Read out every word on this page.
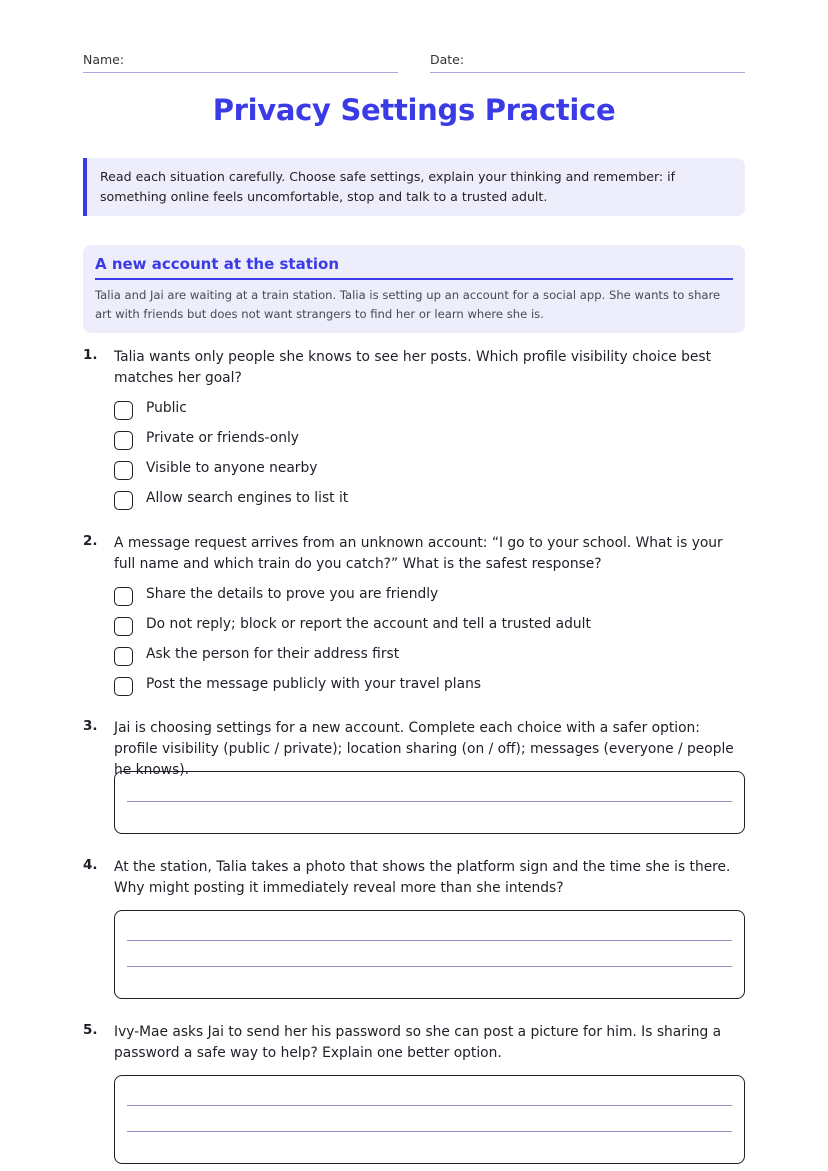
Name:	Date:
Privacy Settings Practice
Read each situation carefully. Choose safe settings, explain your thinking and remember: if something online feels uncomfortable, stop and talk to a trusted adult.
A new account at the station
Talia and Jai are waiting at a train station. Talia is setting up an account for a social app. She wants to share art with friends but does not want strangers to find her or learn where she is.
1. Talia wants only people she knows to see her posts. Which profile visibility choice best matches her goal?
Public
Private or friends-only
Visible to anyone nearby
Allow search engines to list it
2. A message request arrives from an unknown account: “I go to your school. What is your full name and which train do you catch?” What is the safest response?
Share the details to prove you are friendly
Do not reply; block or report the account and tell a trusted adult
Ask the person for their address first
Post the message publicly with your travel plans
3. Jai is choosing settings for a new account. Complete each choice with a safer option: profile visibility (public / private); location sharing (on / off); messages (everyone / people he knows).
4. At the station, Talia takes a photo that shows the platform sign and the time she is there. Why might posting it immediately reveal more than she intends?
5. Ivy-Mae asks Jai to send her his password so she can post a picture for him. Is sharing a password a safe way to help? Explain one better option.
